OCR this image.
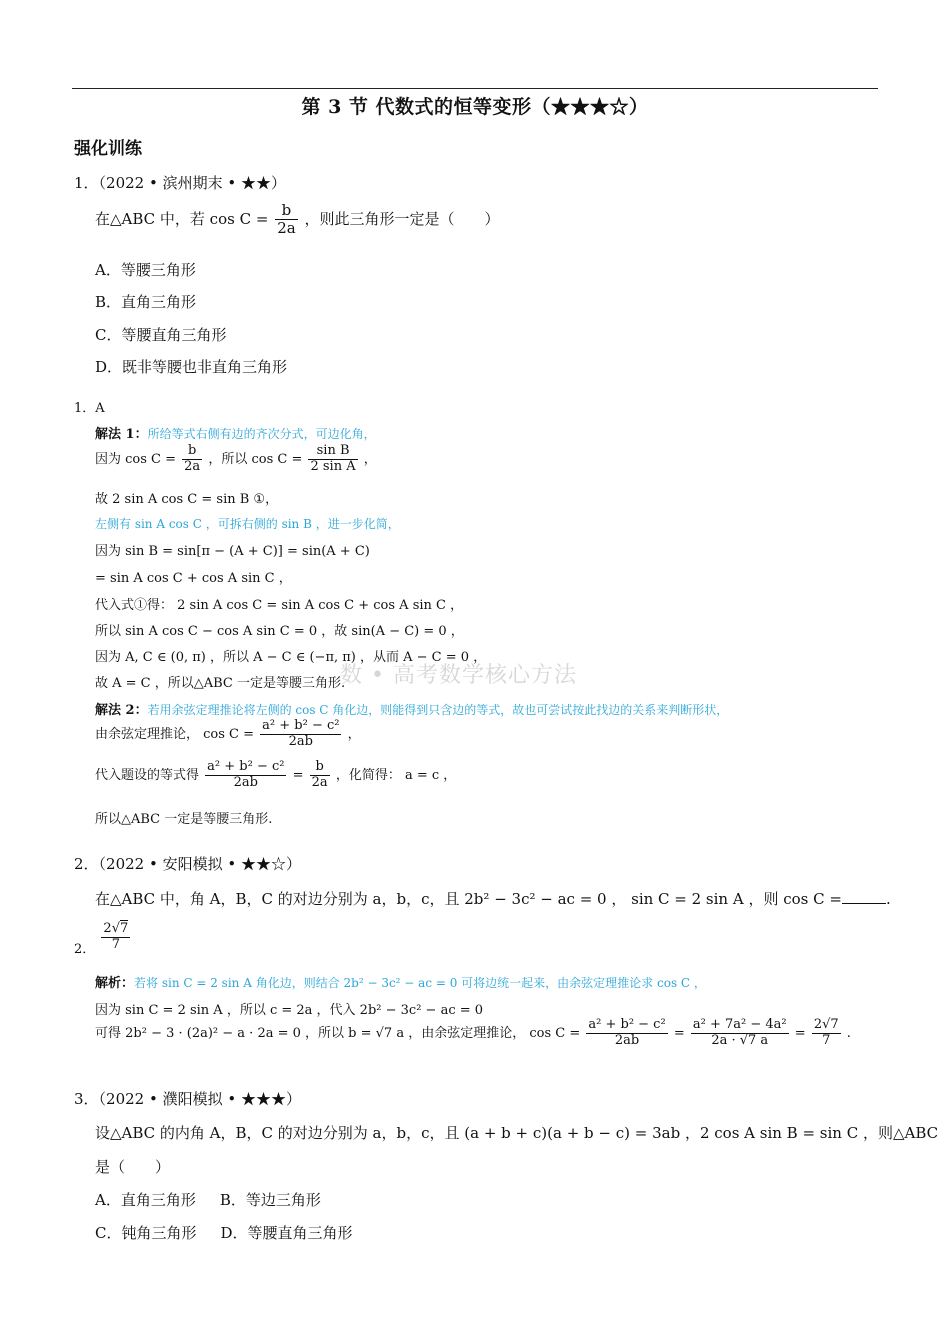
第 3 节 代数式的恒等变形（★★★☆）
强化训练
数 • 高考数学核心方法
1．（2022 • 滨州期末 • ★★）
在△ABC 中，若 $\cos C = \frac{b}{2a}$ ，则此三角形一定是（　　）
A．等腰三角形
B．直角三角形
C．等腰直角三角形
D．既非等腰也非直角三角形
1．A
解法 1：所给等式右侧有边的齐次分式，可边化角，
因为 $\cos C = \frac{b}{2a}$ ，所以 $\cos C = \frac{\text{sin B}}{\text{2 sin A}}$ ，
故 2 sin A cos C = sin B ①，
左侧有 sin A cos C ，可拆右侧的 sin B ，进一步化简，
因为 sin B = sin[π − (A + C)] = sin(A + C)
= sin A cos C + cos A sin C ，
代入式①得： 2 sin A cos C = sin A cos C + cos A sin C ，
所以 sin A cos C − cos A sin C = 0 ，故 sin(A − C) = 0 ，
因为 A, C ∈ (0, π) ，所以 A − C ∈ (−π, π) ，从而 A − C = 0 ，
故 A = C ，所以△ABC 一定是等腰三角形.
解法 2：若用余弦定理推论将左侧的 cos C 角化边，则能得到只含边的等式，故也可尝试按此找边的关系来判断形状，
由余弦定理推论， $\cos C = \frac{\text{a² + b² − c²}}{2ab}$ ，
代入题设的等式得 $\frac{\text{a² + b² − c²}}{2ab} = \frac{b}{2a}$ ，化简得： a = c ，
所以△ABC 一定是等腰三角形.
2．（2022 • 安阳模拟 • ★★☆）
在△ABC 中，角 A，B，C 的对边分别为 a，b，c，且 2b² − 3c² − ac = 0 ， sin C = 2 sin A ，则 cos C =	.
2． $\frac{2√7}{7}$
解析：若将 sin C = 2 sin A 角化边，则结合 2b² − 3c² − ac = 0 可将边统一起来，由余弦定理推论求 cos C ，
因为 sin C = 2 sin A ，所以 c = 2a ，代入 2b² − 3c² − ac = 0
可得 2b² − 3 · (2a)² − a · 2a = 0 ，所以 b = √7 a ，由余弦定理推论， $\cos C = \frac{\text{a² + b² − c²}}{2ab} = \frac{\text{a² + 7a² − 4a²}}{2a \cdot √7 a} = \frac{2√7}{7}$ .
3．（2022 • 濮阳模拟 • ★★★）
设△ABC 的内角 A，B，C 的对边分别为 a，b，c，且 (a + b + c)(a + b − c) = 3ab ，2 cos A sin B = sin C ，则△ABC
是（　　）
A．直角三角形 B．等边三角形
C．钝角三角形 D．等腰直角三角形
